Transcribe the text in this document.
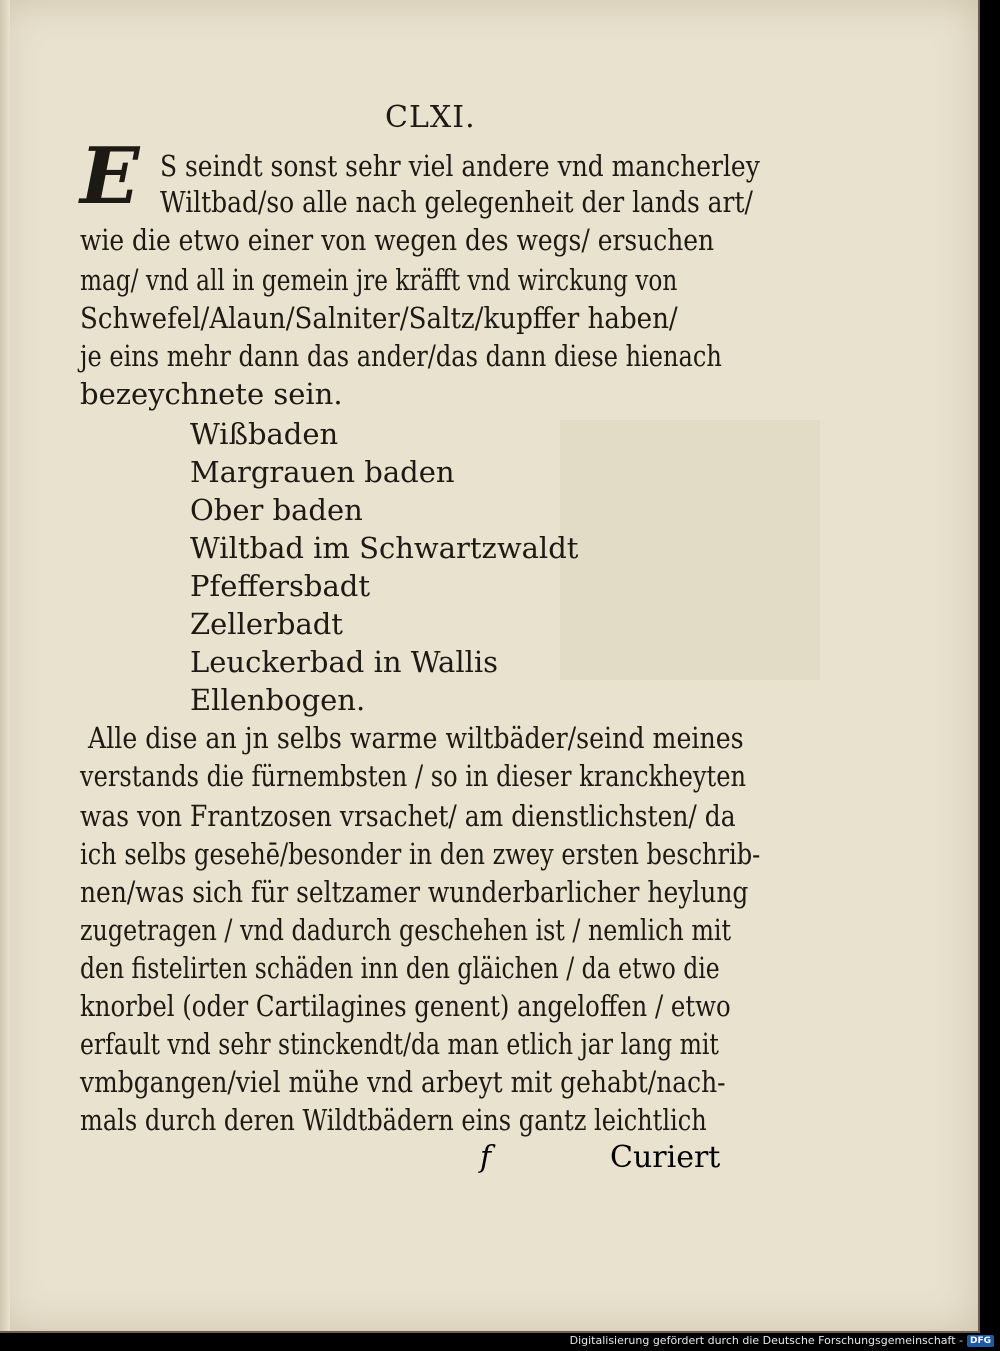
CLXI.
E S seindt sonst sehr viel andere vnd mancherley
Wiltbad/so alle nach gelegenheit der lands art/
wie die etwo einer von wegen des wegs/ ersuchen
mag/ vnd all in gemein jre kräfft vnd wirckung von
Schwefel/Alaun/Salniter/Saltz/kupffer haben/
je eins mehr dann das ander/das dann diese hienach
bezeychnete sein.
Wißbaden
Margrauen baden
Ober baden
Wiltbad im Schwartzwaldt
Pfeffersbadt
Zellerbadt
Leuckerbad in Wallis
Ellenbogen.
Alle dise an jn selbs warme wiltbäder/seind meines
verstands die fürnembsten / so in dieser kranckheyten
was von Frantzosen vrsachet/ am dienstlichsten/ da
ich selbs gesehē/besonder in den zwey ersten beschrib-
nen/was sich für seltzamer wunderbarlicher heylung
zugetragen / vnd dadurch geschehen ist / nemlich mit
den fistelirten schäden inn den gläichen / da etwo die
knorbel (oder Cartilagines genent) angeloffen / etwo
erfault vnd sehr stinckendt/da man etlich jar lang mit
vmbgangen/viel mühe vnd arbeyt mit gehabt/nach-
mals durch deren Wildtbädern eins gantz leichtlich
f	Curiert
Digitalisierung gefördert durch die Deutsche Forschungsgemeinschaft - DFG
